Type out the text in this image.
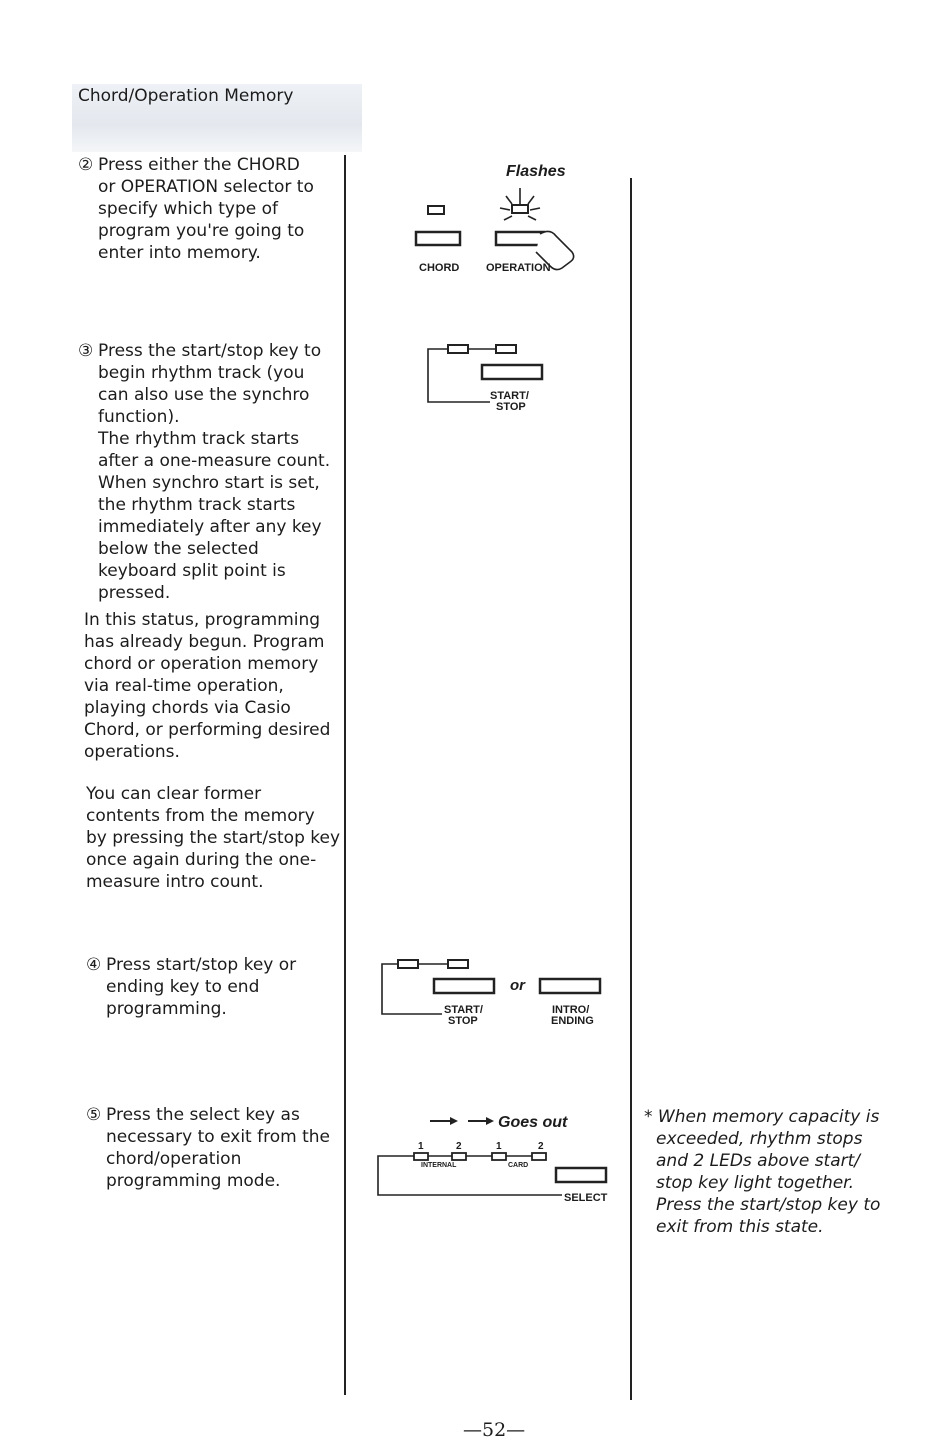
Chord/Operation Memory
② Press either the CHORD
or OPERATION selector to
specify which type of
program you're going to
enter into memory.
③ Press the start/stop key to
begin rhythm track (you
can also use the synchro
function).
The rhythm track starts
after a one-measure count.
When synchro start is set,
the rhythm track starts
immediately after any key
below the selected
keyboard split point is
pressed.
In this status, programming
has already begun. Program
chord or operation memory
via real-time operation,
playing chords via Casio
Chord, or performing desired
operations.
You can clear former
contents from the memory
by pressing the start/stop key
once again during the one-
measure intro count.
④ Press start/stop key or
ending key to end
programming.
⑤ Press the select key as
necessary to exit from the
chord/operation
programming mode.
Flashes
CHORD OPERATION
START/
STOP
or
START/
STOP
INTRO/
ENDING
Goes out
1	2	1	2
INTERNAL	CARD
SELECT
* When memory capacity is
exceeded, rhythm stops
and 2 LEDs above start/
stop key light together.
Press the start/stop key to
exit from this state.
—52—
